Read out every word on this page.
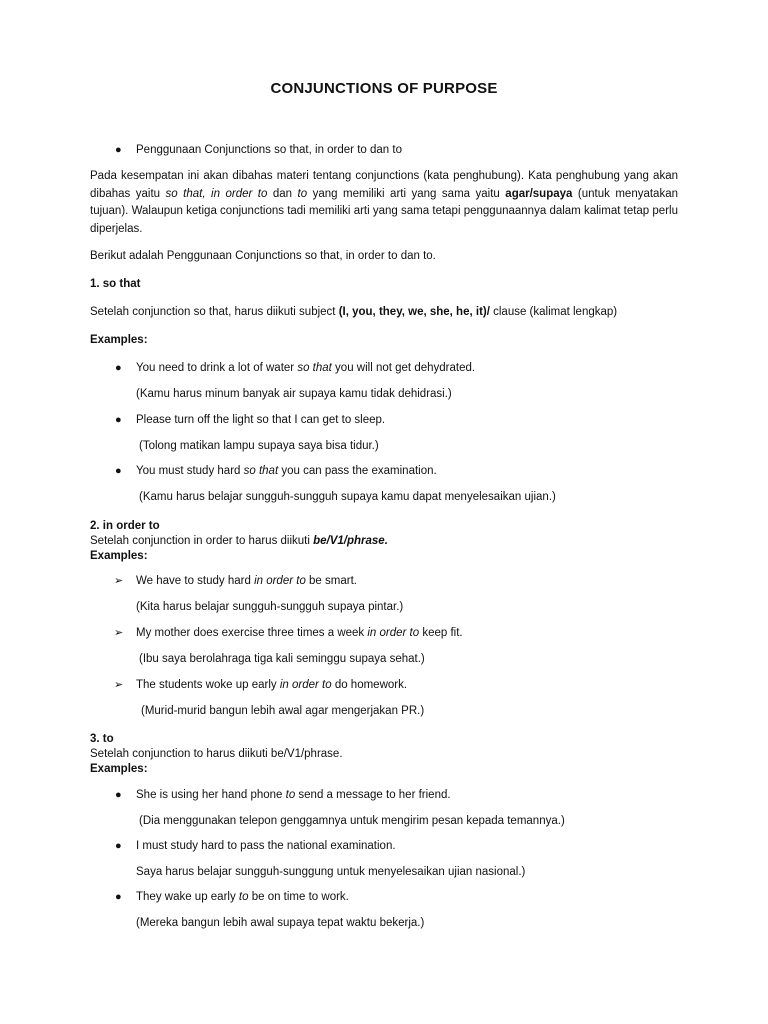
CONJUNCTIONS OF PURPOSE
● Penggunaan Conjunctions so that, in order to dan to
Pada kesempatan ini akan dibahas materi tentang conjunctions (kata penghubung). Kata penghubung yang akan dibahas yaitu so that, in order to dan to yang memiliki arti yang sama yaitu agar/supaya (untuk menyatakan tujuan). Walaupun ketiga conjunctions tadi memiliki arti yang sama tetapi penggunaannya dalam kalimat tetap perlu diperjelas.
Berikut adalah Penggunaan Conjunctions so that, in order to dan to.
1. so that
Setelah conjunction so that, harus diikuti subject (I, you, they, we, she, he, it)/ clause (kalimat lengkap)
Examples:
● You need to drink a lot of water so that you will not get dehydrated.
(Kamu harus minum banyak air supaya kamu tidak dehidrasi.)
● Please turn off the light so that I can get to sleep.
(Tolong matikan lampu supaya saya bisa tidur.)
● You must study hard so that you can pass the examination.
(Kamu harus belajar sungguh-sungguh supaya kamu dapat menyelesaikan ujian.)
2. in order to
Setelah conjunction in order to harus diikuti be/V1/phrase.
Examples:
➢ We have to study hard in order to be smart.
(Kita harus belajar sungguh-sungguh supaya pintar.)
➢ My mother does exercise three times a week in order to keep fit.
(Ibu saya berolahraga tiga kali seminggu supaya sehat.)
➢ The students woke up early in order to do homework.
(Murid-murid bangun lebih awal agar mengerjakan PR.)
3. to
Setelah conjunction to harus diikuti be/V1/phrase.
Examples:
● She is using her hand phone to send a message to her friend.
(Dia menggunakan telepon genggamnya untuk mengirim pesan kepada temannya.)
● I must study hard to pass the national examination.
Saya harus belajar sungguh-sunggung untuk menyelesaikan ujian nasional.)
● They wake up early to be on time to work.
(Mereka bangun lebih awal supaya tepat waktu bekerja.)
